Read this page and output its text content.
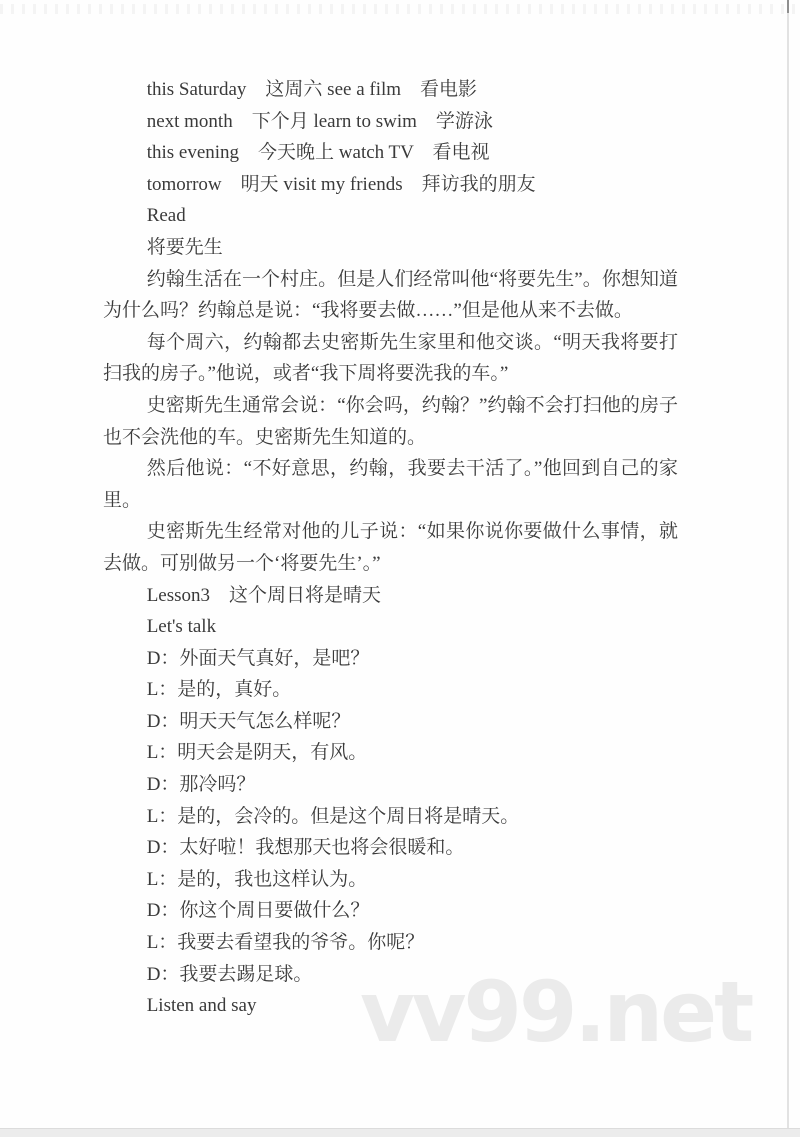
vv99.net

this Saturday　这周六 see a film　看电影

next month　下个月 learn to swim　学游泳

this evening　今天晚上 watch TV　看电视

tomorrow　明天 visit my friends　拜访我的朋友

Read

将要先生

约翰生活在一个村庄。但是人们经常叫他“将要先生”。你想知道为什么吗？约翰总是说：“我将要去做……”但是他从来不去做。

每个周六，约翰都去史密斯先生家里和他交谈。“明天我将要打扫我的房子。”他说，或者“我下周将要洗我的车。”

史密斯先生通常会说：“你会吗，约翰？”约翰不会打扫他的房子也不会洗他的车。史密斯先生知道的。

然后他说：“不好意思，约翰，我要去干活了。”他回到自己的家里。

史密斯先生经常对他的儿子说：“如果你说你要做什么事情，就去做。可别做另一个‘将要先生’。”

Lesson3　这个周日将是晴天

Let's talk

D：外面天气真好，是吧？

L：是的，真好。

D：明天天气怎么样呢？

L：明天会是阴天，有风。

D：那冷吗？

L：是的，会冷的。但是这个周日将是晴天。

D：太好啦！我想那天也将会很暖和。

L：是的，我也这样认为。

D：你这个周日要做什么？

L：我要去看望我的爷爷。你呢？

D：我要去踢足球。

Listen and say
